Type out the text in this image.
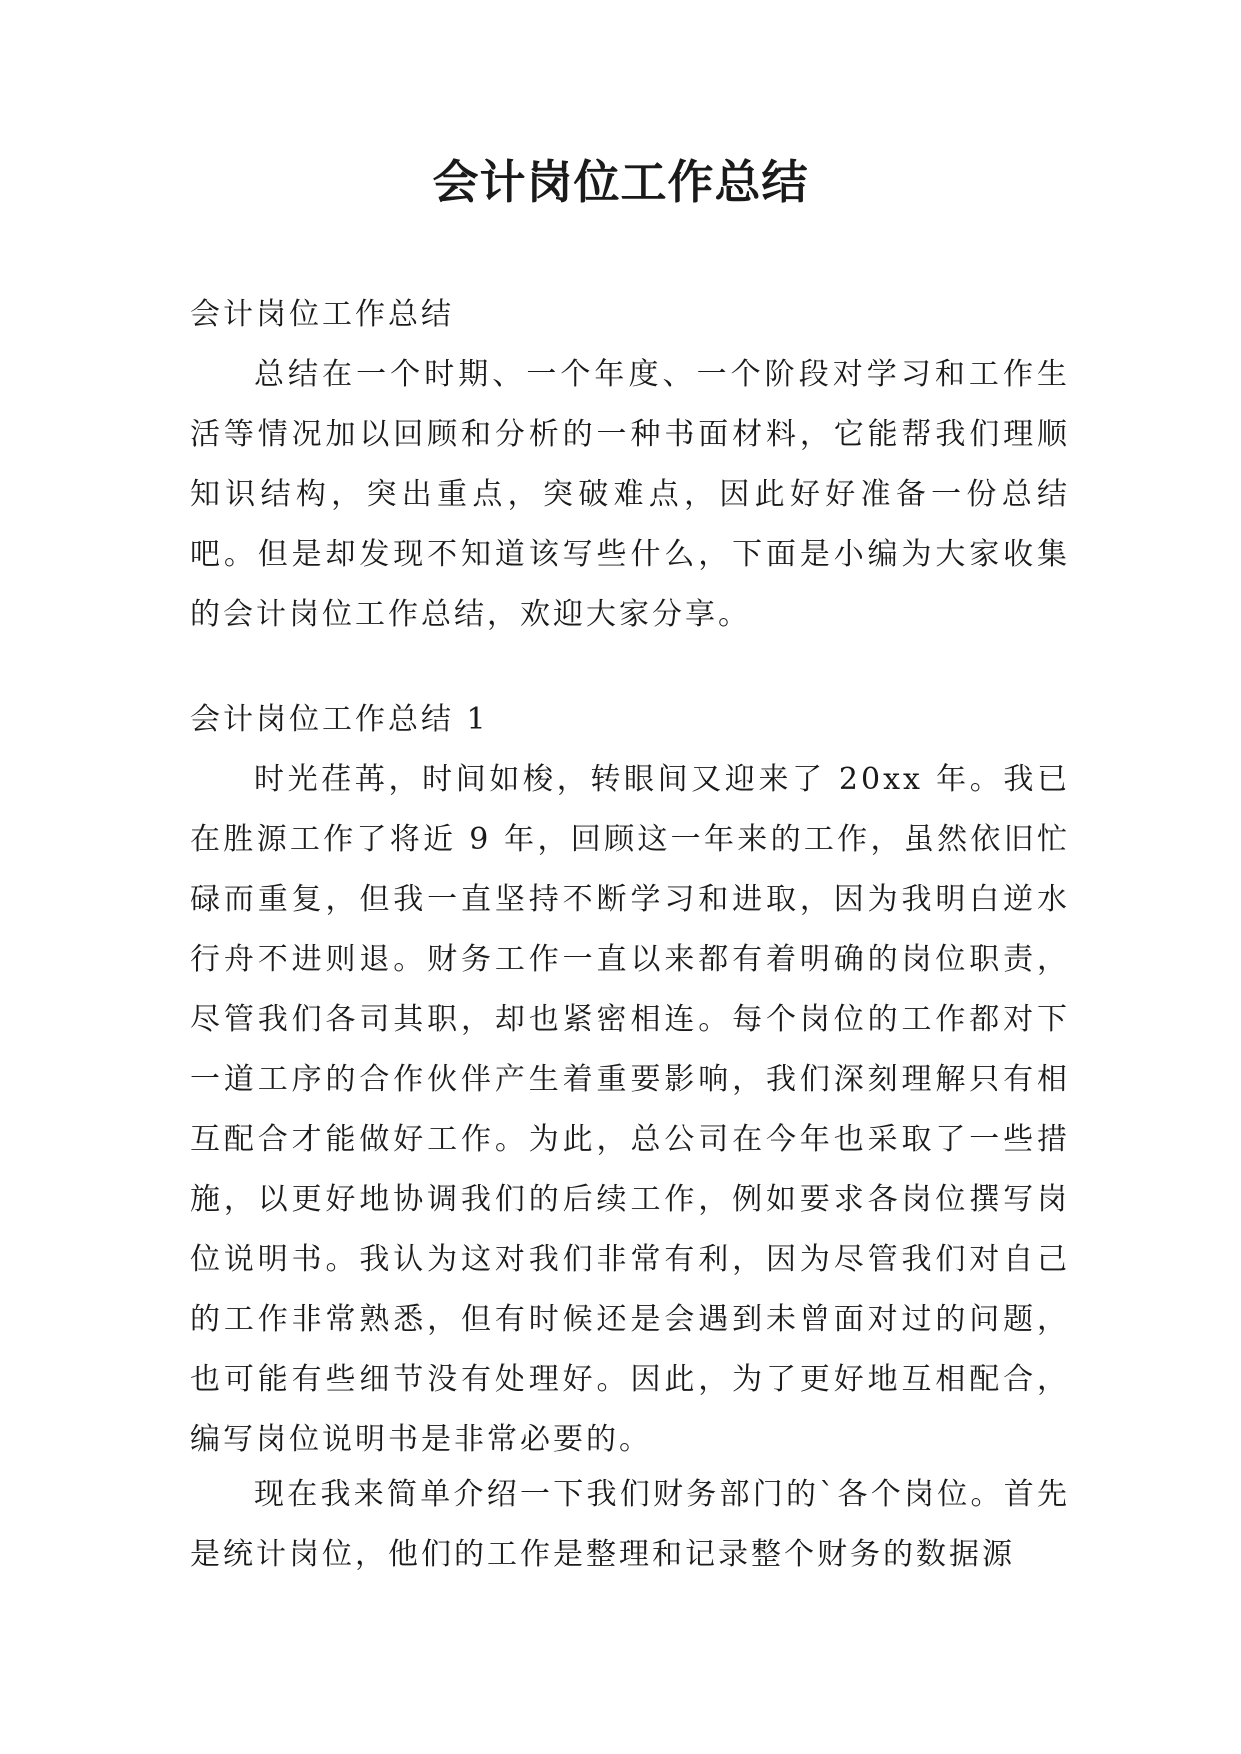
会计岗位工作总结

会计岗位工作总结

总结在一个时期、一个年度、一个阶段对学习和工作生活等情况加以回顾和分析的一种书面材料，它能帮我们理顺知识结构，突出重点，突破难点，因此好好准备一份总结吧。但是却发现不知道该写些什么，下面是小编为大家收集的会计岗位工作总结，欢迎大家分享。

会计岗位工作总结 1

时光荏苒，时间如梭，转眼间又迎来了 20xx 年。我已在胜源工作了将近 9 年，回顾这一年来的工作，虽然依旧忙碌而重复，但我一直坚持不断学习和进取，因为我明白逆水行舟不进则退。财务工作一直以来都有着明确的岗位职责，尽管我们各司其职，却也紧密相连。每个岗位的工作都对下一道工序的合作伙伴产生着重要影响，我们深刻理解只有相互配合才能做好工作。为此，总公司在今年也采取了一些措施，以更好地协调我们的后续工作，例如要求各岗位撰写岗位说明书。我认为这对我们非常有利，因为尽管我们对自己的工作非常熟悉，但有时候还是会遇到未曾面对过的问题，也可能有些细节没有处理好。因此，为了更好地互相配合，编写岗位说明书是非常必要的。

现在我来简单介绍一下我们财务部门的`各个岗位。首先是统计岗位，他们的工作是整理和记录整个财务的数据源
